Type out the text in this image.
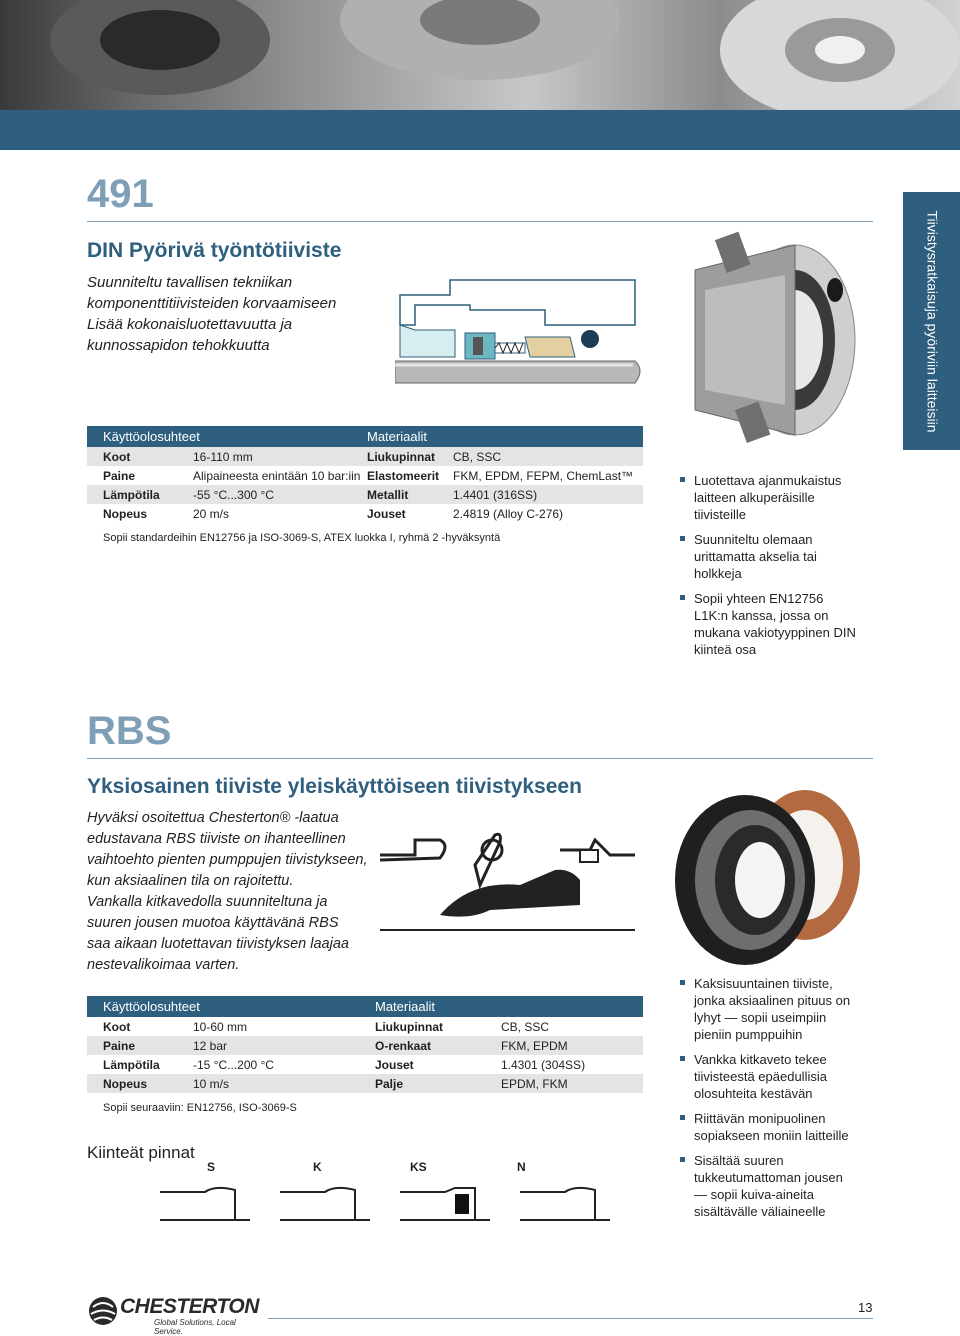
Tiivistysratkaisuja pyöriviin laitteisiin
491
DIN Pyörivä työntötiiviste
Suunniteltu tavallisen tekniikan
komponenttitiivisteiden korvaamiseen
Lisää kokonaisluotettavuutta ja
kunnossapidon tehokkuutta
Käyttöolosuhteet		Materiaalit	
Koot	16-110 mm	Liukupinnat	CB, SSC
Paine	Alipaineesta enintään 10 bar:iin	Elastomeerit	FKM, EPDM, FEPM, ChemLast™
Lämpötila	-55 °C...300 °C	Metallit	1.4401 (316SS)
Nopeus	20 m/s	Jouset	2.4819 (Alloy C-276)
Sopii standardeihin EN12756 ja ISO-3069-S, ATEX luokka I, ryhmä 2 -hyväksyntä
Luotettava ajanmukaistus laitteen alkuperäisille tiivisteille
Suunniteltu olemaan urittamatta akselia tai holkkeja
Sopii yhteen EN12756 L1K:n kanssa, jossa on mukana vakiotyyppinen DIN kiinteä osa
RBS
Yksiosainen tiiviste yleiskäyttöiseen tiivistykseen
Hyväksi osoitettua Chesterton® -laatua
edustavana RBS tiiviste on ihanteellinen
vaihtoehto pienten pumppujen tiivistykseen,
kun aksiaalinen tila on rajoitettu.
Vankalla kitkavedolla suunniteltuna ja
suuren jousen muotoa käyttävänä RBS
saa aikaan luotettavan tiivistyksen laajaa
nestevalikoimaa varten.
Käyttöolosuhteet		Materiaalit	
Koot	10-60 mm	Liukupinnat	CB, SSC
Paine	12 bar	O-renkaat	FKM, EPDM
Lämpötila	-15 °C...200 °C	Jouset	1.4301 (304SS)
Nopeus	10 m/s	Palje	EPDM, FKM
Sopii seuraaviin: EN12756, ISO-3069-S
Kaksisuuntainen tiiviste, jonka aksiaalinen pituus on lyhyt — sopii useimpiin pieniin pumppuihin
Vankka kitkaveto tekee tiivisteestä epäedullisia olosuhteita kestävän
Riittävän monipuolinen sopiakseen moniin laitteille
Sisältää suuren tukkeutumattoman jousen — sopii kuiva-aineita sisältävälle väliaineelle
Kiinteät pinnat
S	K	KS	N
CHESTERTON
Global Solutions, Local Service.
13
